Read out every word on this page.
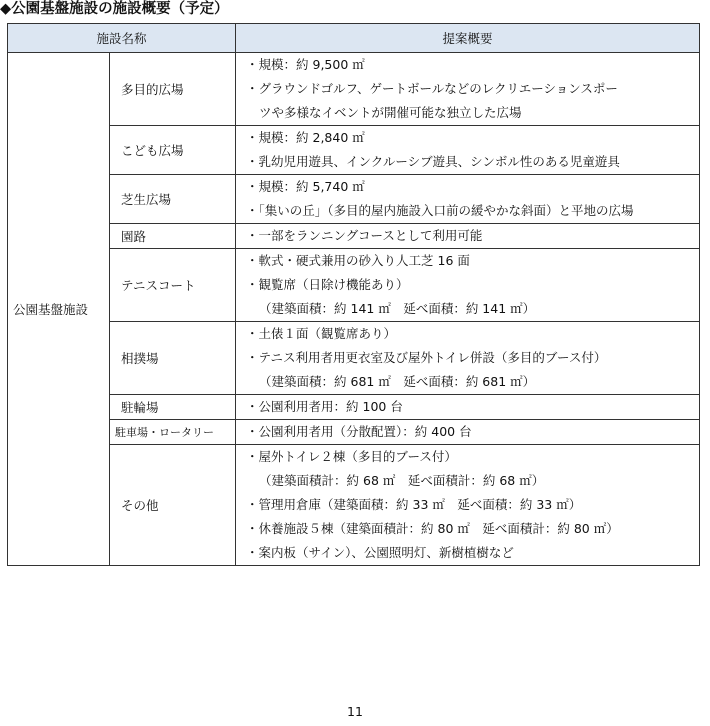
◆公園基盤施設の施設概要（予定）
施設名称		提案概要
公園基盤施設	多目的広場	・規模：約 9,500 ㎡
・グラウンドゴルフ、ゲートボールなどのレクリエーションスポー
ツや多様なイベントが開催可能な独立した広場

	こども広場	・規模：約 2,840 ㎡
・乳幼児用遊具、インクルーシブ遊具、シンボル性のある児童遊具

	芝生広場	・規模：約 5,740 ㎡
・「集いの丘」（多目的屋内施設入口前の緩やかな斜面）と平地の広場

	園路	・一部をランニングコースとして利用可能

	テニスコート	・軟式・硬式兼用の砂入り人工芝 16 面
・観覧席（日除け機能あり）
（建築面積：約 141 ㎡　延べ面積：約 141 ㎡）

	相撲場	・土俵１面（観覧席あり）
・テニス利用者用更衣室及び屋外トイレ併設（多目的ブース付）
（建築面積：約 681 ㎡　延べ面積：約 681 ㎡）

	駐輪場	・公園利用者用：約 100 台

	駐車場・ロータリー	・公園利用者用（分散配置）：約 400 台

	その他	・屋外トイレ２棟（多目的ブース付）
（建築面積計：約 68 ㎡　延べ面積計：約 68 ㎡）
・管理用倉庫（建築面積：約 33 ㎡　延べ面積：約 33 ㎡）
・休養施設５棟（建築面積計：約 80 ㎡　延べ面積計：約 80 ㎡）
・案内板（サイン）、公園照明灯、新樹植樹など
11
